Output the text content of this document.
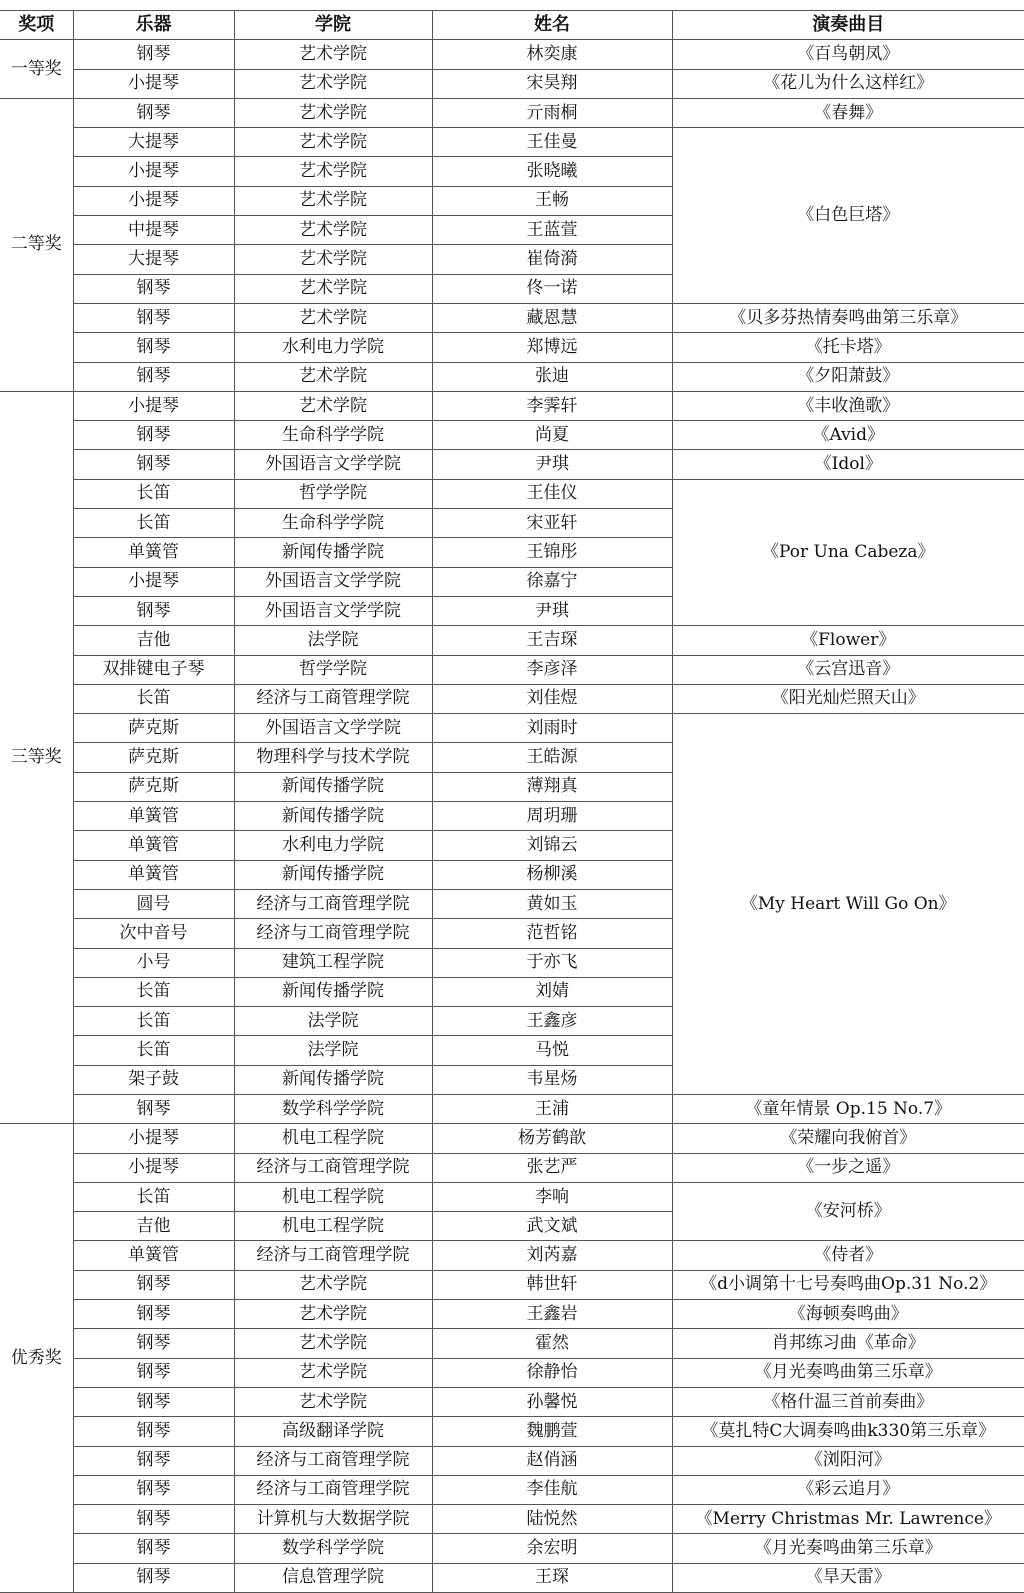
奖项	乐器	学院	姓名	演奏曲目
一等奖	钢琴	艺术学院	林奕康	《百鸟朝凤》
	小提琴	艺术学院	宋昊翔	《花儿为什么这样红》
二等奖	钢琴	艺术学院	亓雨桐	《春舞》
	大提琴	艺术学院	王佳曼	《白色巨塔》
	小提琴	艺术学院	张晓曦	
	小提琴	艺术学院	王畅	
	中提琴	艺术学院	王蓝萱	
	大提琴	艺术学院	崔倚漪	
	钢琴	艺术学院	佟一诺	
	钢琴	艺术学院	藏恩慧	《贝多芬热情奏鸣曲第三乐章》
	钢琴	水利电力学院	郑博远	《托卡塔》
	钢琴	艺术学院	张迪	《夕阳萧鼓》
三等奖	小提琴	艺术学院	李霁轩	《丰收渔歌》
	钢琴	生命科学学院	尚夏	《Avid》
	钢琴	外国语言文学学院	尹琪	《Idol》
	长笛	哲学学院	王佳仪	《Por Una Cabeza》
	长笛	生命科学学院	宋亚轩	
	单簧管	新闻传播学院	王锦彤	
	小提琴	外国语言文学学院	徐嘉宁	
	钢琴	外国语言文学学院	尹琪	
	吉他	法学院	王吉琛	《Flower》
	双排键电子琴	哲学学院	李彦泽	《云宫迅音》
	长笛	经济与工商管理学院	刘佳煜	《阳光灿烂照天山》
	萨克斯	外国语言文学学院	刘雨时	《My Heart Will Go On》
	萨克斯	物理科学与技术学院	王皓源	
	萨克斯	新闻传播学院	薄翔真	
	单簧管	新闻传播学院	周玥珊	
	单簧管	水利电力学院	刘锦云	
	单簧管	新闻传播学院	杨柳溪	
	圆号	经济与工商管理学院	黄如玉	
	次中音号	经济与工商管理学院	范哲铭	
	小号	建筑工程学院	于亦飞	
	长笛	新闻传播学院	刘婧	
	长笛	法学院	王鑫彦	
	长笛	法学院	马悦	
	架子鼓	新闻传播学院	韦星炀	
	钢琴	数学科学学院	王浦	《童年情景 Op.15 No.7》
优秀奖	小提琴	机电工程学院	杨芳鹤歆	《荣耀向我俯首》
	小提琴	经济与工商管理学院	张艺严	《一步之遥》
	长笛	机电工程学院	李响	《安河桥》
	吉他	机电工程学院	武文斌	
	单簧管	经济与工商管理学院	刘芮嘉	《侍者》
	钢琴	艺术学院	韩世轩	《d小调第十七号奏鸣曲Op.31 No.2》
	钢琴	艺术学院	王鑫岩	《海顿奏鸣曲》
	钢琴	艺术学院	霍然	肖邦练习曲《革命》
	钢琴	艺术学院	徐静怡	《月光奏鸣曲第三乐章》
	钢琴	艺术学院	孙馨悦	《格什温三首前奏曲》
	钢琴	高级翻译学院	魏鹏萱	《莫扎特C大调奏鸣曲k330第三乐章》
	钢琴	经济与工商管理学院	赵俏涵	《浏阳河》
	钢琴	经济与工商管理学院	李佳航	《彩云追月》
	钢琴	计算机与大数据学院	陆悦然	《Merry Christmas Mr. Lawrence》
	钢琴	数学科学学院	余宏明	《月光奏鸣曲第三乐章》
	钢琴	信息管理学院	王琛	《旱天雷》
